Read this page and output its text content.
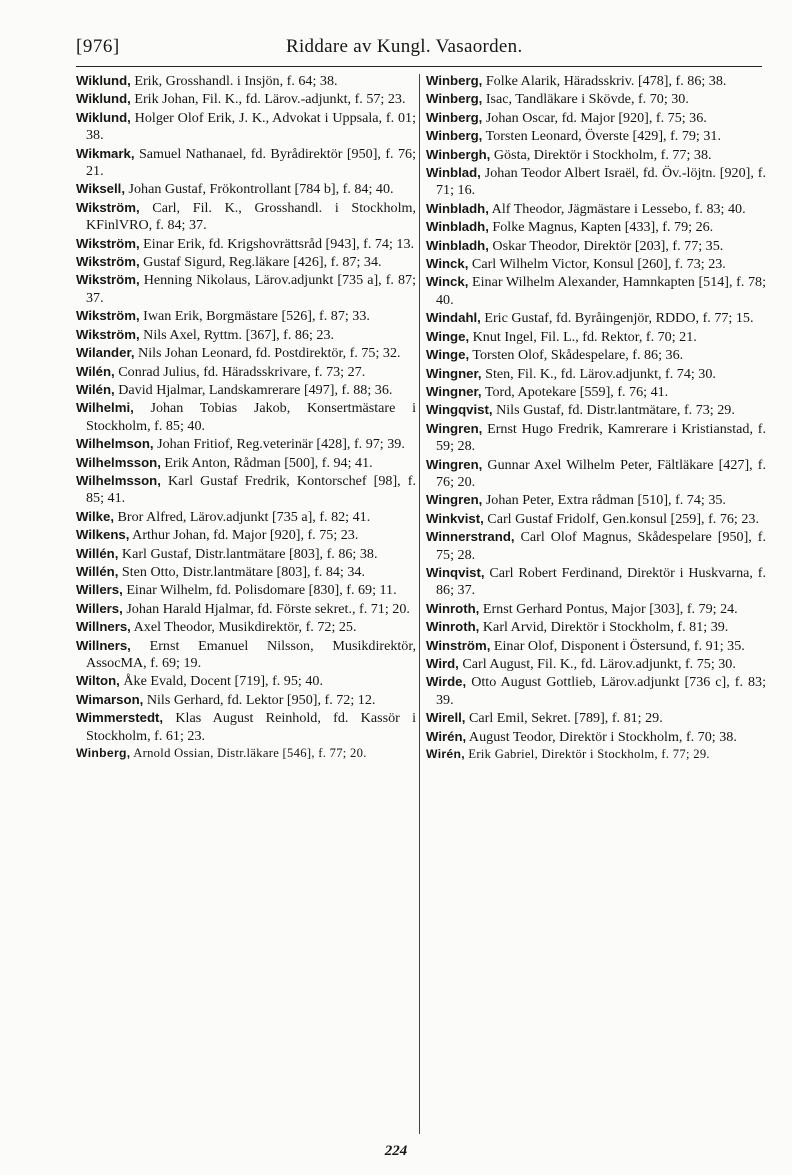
[976]	Riddare av Kungl. Vasaorden.
Wiklund, Erik, Grosshandl. i Insjön, f. 64; 38.
Wiklund, Erik Johan, Fil. K., fd. Lärov.-adjunkt, f. 57; 23.
Wiklund, Holger Olof Erik, J. K., Advokat i Uppsala, f. 01; 38.
Wikmark, Samuel Nathanael, fd. Byrådirektör [950], f. 76; 21.
Wiksell, Johan Gustaf, Frökontrollant [784 b], f. 84; 40.
Wikström, Carl, Fil. K., Grosshandl. i Stockholm, KFinlVRO, f. 84; 37.
Wikström, Einar Erik, fd. Krigshovrättsråd [943], f. 74; 13.
Wikström, Gustaf Sigurd, Reg.läkare [426], f. 87; 34.
Wikström, Henning Nikolaus, Lärov.adjunkt [735 a], f. 87; 37.
Wikström, Iwan Erik, Borgmästare [526], f. 87; 33.
Wikström, Nils Axel, Ryttm. [367], f. 86; 23.
Wilander, Nils Johan Leonard, fd. Postdirektör, f. 75; 32.
Wilén, Conrad Julius, fd. Häradsskrivare, f. 73; 27.
Wilén, David Hjalmar, Landskamrerare [497], f. 88; 36.
Wilhelmi, Johan Tobias Jakob, Konsertmästare i Stockholm, f. 85; 40.
Wilhelmson, Johan Fritiof, Reg.veterinär [428], f. 97; 39.
Wilhelmsson, Erik Anton, Rådman [500], f. 94; 41.
Wilhelmsson, Karl Gustaf Fredrik, Kontorschef [98], f. 85; 41.
Wilke, Bror Alfred, Lärov.adjunkt [735 a], f. 82; 41.
Wilkens, Arthur Johan, fd. Major [920], f. 75; 23.
Willén, Karl Gustaf, Distr.lantmätare [803], f. 86; 38.
Willén, Sten Otto, Distr.lantmätare [803], f. 84; 34.
Willers, Einar Wilhelm, fd. Polisdomare [830], f. 69; 11.
Willers, Johan Harald Hjalmar, fd. Förste sekret., f. 71; 20.
Willners, Axel Theodor, Musikdirektör, f. 72; 25.
Willners, Ernst Emanuel Nilsson, Musikdirektör, AssocMA, f. 69; 19.
Wilton, Åke Evald, Docent [719], f. 95; 40.
Wimarson, Nils Gerhard, fd. Lektor [950], f. 72; 12.
Wimmerstedt, Klas August Reinhold, fd. Kassör i Stockholm, f. 61; 23.
Winberg, Arnold Ossian, Distr.läkare [546], f. 77; 20.
Winberg, Folke Alarik, Häradsskriv. [478], f. 86; 38.
Winberg, Isac, Tandläkare i Skövde, f. 70; 30.
Winberg, Johan Oscar, fd. Major [920], f. 75; 36.
Winberg, Torsten Leonard, Överste [429], f. 79; 31.
Winbergh, Gösta, Direktör i Stockholm, f. 77; 38.
Winblad, Johan Teodor Albert Israël, fd. Öv.-löjtn. [920], f. 71; 16.
Winbladh, Alf Theodor, Jägmästare i Lessebo, f. 83; 40.
Winbladh, Folke Magnus, Kapten [433], f. 79; 26.
Winbladh, Oskar Theodor, Direktör [203], f. 77; 35.
Winck, Carl Wilhelm Victor, Konsul [260], f. 73; 23.
Winck, Einar Wilhelm Alexander, Hamnkapten [514], f. 78; 40.
Windahl, Eric Gustaf, fd. Byråingenjör, RDDO, f. 77; 15.
Winge, Knut Ingel, Fil. L., fd. Rektor, f. 70; 21.
Winge, Torsten Olof, Skådespelare, f. 86; 36.
Wingner, Sten, Fil. K., fd. Lärov.adjunkt, f. 74; 30.
Wingner, Tord, Apotekare [559], f. 76; 41.
Wingqvist, Nils Gustaf, fd. Distr.lantmätare, f. 73; 29.
Wingren, Ernst Hugo Fredrik, Kamrerare i Kristianstad, f. 59; 28.
Wingren, Gunnar Axel Wilhelm Peter, Fältläkare [427], f. 76; 20.
Wingren, Johan Peter, Extra rådman [510], f. 74; 35.
Winkvist, Carl Gustaf Fridolf, Gen.konsul [259], f. 76; 23.
Winnerstrand, Carl Olof Magnus, Skådespelare [950], f. 75; 28.
Winqvist, Carl Robert Ferdinand, Direktör i Huskvarna, f. 86; 37.
Winroth, Ernst Gerhard Pontus, Major [303], f. 79; 24.
Winroth, Karl Arvid, Direktör i Stockholm, f. 81; 39.
Winström, Einar Olof, Disponent i Östersund, f. 91; 35.
Wird, Carl August, Fil. K., fd. Lärov.adjunkt, f. 75; 30.
Wirde, Otto August Gottlieb, Lärov.adjunkt [736 c], f. 83; 39.
Wirell, Carl Emil, Sekret. [789], f. 81; 29.
Wirén, August Teodor, Direktör i Stockholm, f. 70; 38.
Wirén, Erik Gabriel, Direktör i Stockholm, f. 77; 29.
224
